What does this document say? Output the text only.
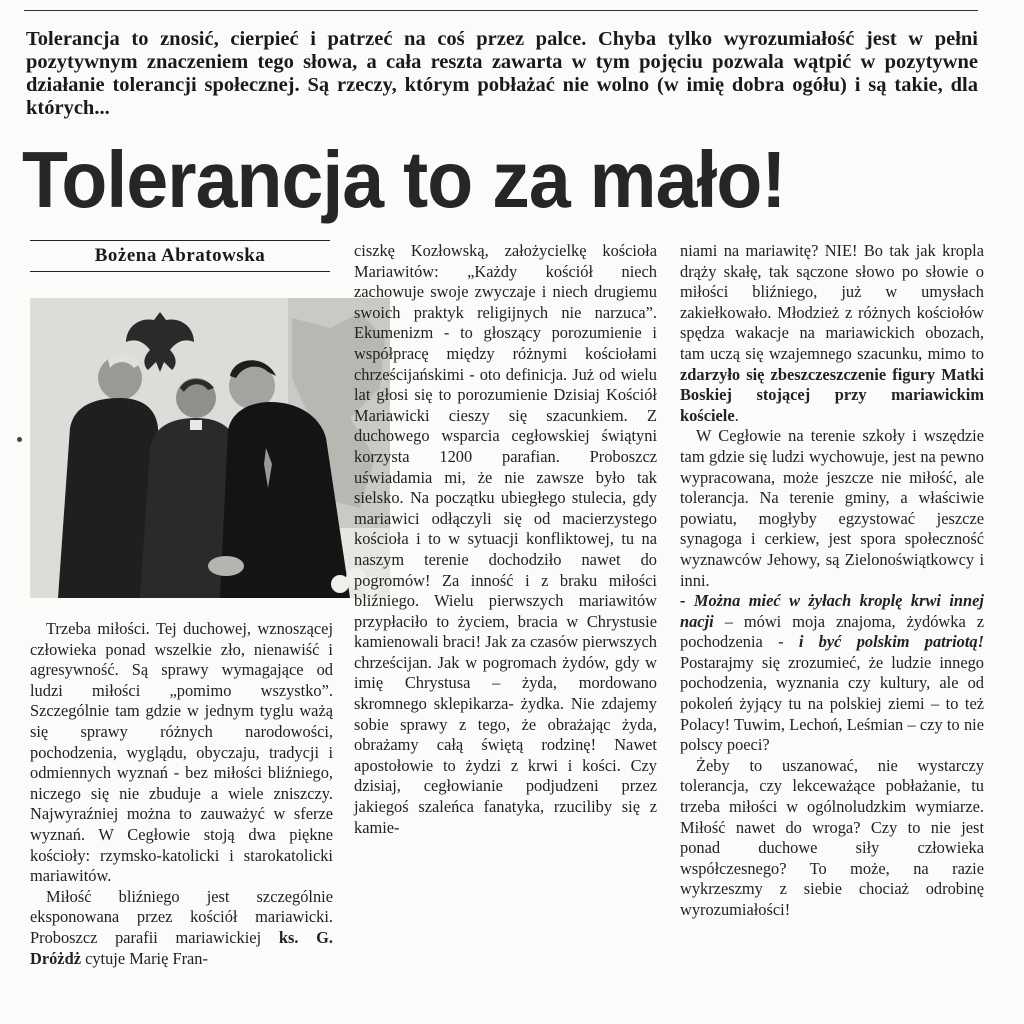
Tolerancja to znosić, cierpieć i patrzeć na coś przez palce. Chyba tylko wyrozumiałość jest w pełni pozytywnym znaczeniem tego słowa, a cała reszta zawarta w tym pojęciu pozwala wątpić w pozytywne działanie tolerancji społecznej. Są rzeczy, którym pobłażać nie wolno (w imię dobra ogółu) i są takie, dla których...

Tolerancja to za mało!
Bożena Abratowska

Trzeba miłości. Tej duchowej, wznoszącej człowieka ponad wszelkie zło, nienawiść i agresywność. Są sprawy wymagające od ludzi miłości „pomimo wszystko”. Szczególnie tam gdzie w jednym tyglu ważą się sprawy różnych narodowości, pochodzenia, wyglądu, obyczaju, tradycji i odmiennych wyznań - bez miłości bliźniego, niczego się nie zbuduje a wiele zniszczy. Najwyraźniej można to zauważyć w sferze wyznań. W Cegłowie stoją dwa piękne kościoły: rzymsko-katolicki i starokatolicki mariawitów.

Miłość bliźniego jest szczególnie eksponowana przez kościół mariawicki. Proboszcz parafii mariawickiej ks. G. Dróżdż cytuje Marię Fran-

ciszkę Kozłowską, założycielkę kościoła Mariawitów: „Każdy kościół niech zachowuje swoje zwyczaje i niech drugiemu swoich praktyk religijnych nie narzuca”. Ekumenizm - to głoszący porozumienie i współpracę między różnymi kościołami chrześcijańskimi - oto definicja. Już od wielu lat głosi się to porozumienie Dzisiaj Kościół Mariawicki cieszy się szacunkiem. Z duchowego wsparcia cegłowskiej świątyni korzysta 1200 parafian. Proboszcz uświadamia mi, że nie zawsze było tak sielsko. Na początku ubiegłego stulecia, gdy mariawici odłączyli się od macierzystego kościoła i to w sytuacji konfliktowej, tu na naszym terenie dochodziło nawet do pogromów! Za inność i z braku miłości bliźniego. Wielu pierwszych mariawitów przypłaciło to życiem, bracia w Chrystusie kamienowali braci! Jak za czasów pierwszych chrześcijan. Jak w pogromach żydów, gdy w imię Chrystusa – żyda, mordowano skromnego sklepikarza- żydka. Nie zdajemy sobie sprawy z tego, że obrażając żyda, obrażamy całą świętą rodzinę! Nawet apostołowie to żydzi z krwi i kości. Czy dzisiaj, cegłowianie podjudzeni przez jakiegoś szaleńca fanatyka, rzuciliby się z kamie-

niami na mariawitę? NIE! Bo tak jak kropla drąży skałę, tak sączone słowo po słowie o miłości bliźniego, już w umysłach zakiełkowało. Młodzież z różnych kościołów spędza wakacje na mariawickich obozach, tam uczą się wzajemnego szacunku, mimo to zdarzyło się zbeszczeszczenie figury Matki Boskiej stojącej przy mariawickim kościele.

W Cegłowie na terenie szkoły i wszędzie tam gdzie się ludzi wychowuje, jest na pewno wypracowana, może jeszcze nie miłość, ale tolerancja. Na terenie gminy, a właściwie powiatu, mogłyby egzystować jeszcze synagoga i cerkiew, jest spora społeczność wyznawców Jehowy, są Zielonoświątkowcy i inni.

- Można mieć w żyłach kroplę krwi innej nacji – mówi moja znajoma, żydówka z pochodzenia - i być polskim patriotą! Postarajmy się zrozumieć, że ludzie innego pochodzenia, wyznania czy kultury, ale od pokoleń żyjący tu na polskiej ziemi – to też Polacy! Tuwim, Lechoń, Leśmian – czy to nie polscy poeci?

Żeby to uszanować, nie wystarczy tolerancja, czy lekceważące pobłażanie, tu trzeba miłości w ogólnoludzkim wymiarze. Miłość nawet do wroga? Czy to nie jest ponad duchowe siły człowieka współczesnego? To może, na razie wykrzeszmy z siebie chociaż odrobinę wyrozumiałości!
